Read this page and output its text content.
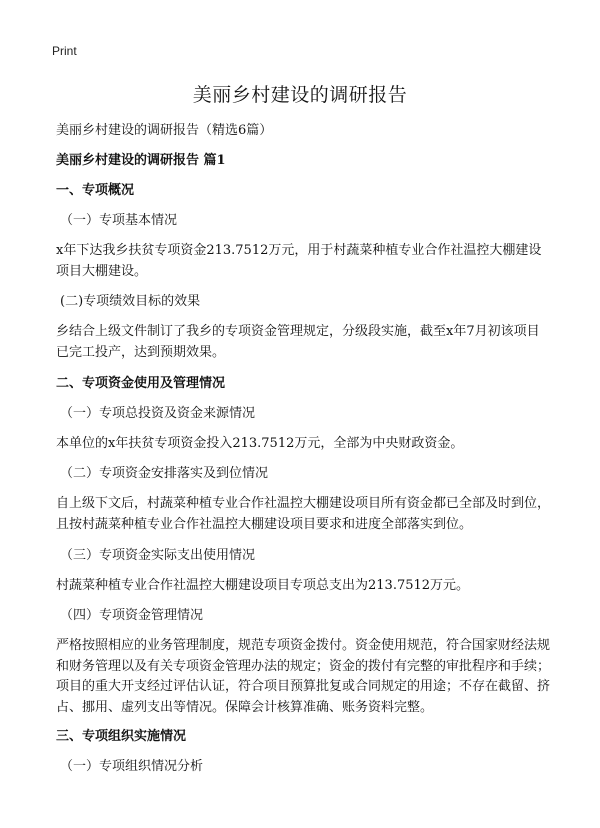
Print
美丽乡村建设的调研报告

美丽乡村建设的调研报告（精选6篇）

美丽乡村建设的调研报告 篇1

一、专项概况

（一）专项基本情况

x年下达我乡扶贫专项资金213.7512万元，用于村蔬菜种植专业合作社温控大棚建设项目大棚建设。

(二)专项绩效目标的效果

乡结合上级文件制订了我乡的专项资金管理规定，分级段实施，截至x年7月初该项目已完工投产，达到预期效果。

二、专项资金使用及管理情况

（一）专项总投资及资金来源情况

本单位的x年扶贫专项资金投入213.7512万元，全部为中央财政资金。

（二）专项资金安排落实及到位情况

自上级下文后，村蔬菜种植专业合作社温控大棚建设项目所有资金都已全部及时到位，且按村蔬菜种植专业合作社温控大棚建设项目要求和进度全部落实到位。

（三）专项资金实际支出使用情况

村蔬菜种植专业合作社温控大棚建设项目专项总支出为213.7512万元。

（四）专项资金管理情况

严格按照相应的业务管理制度，规范专项资金拨付。资金使用规范，符合国家财经法规和财务管理以及有关专项资金管理办法的规定；资金的拨付有完整的审批程序和手续；项目的重大开支经过评估认证，符合项目预算批复或合同规定的用途；不存在截留、挤占、挪用、虚列支出等情况。保障会计核算准确、账务资料完整。

三、专项组织实施情况

（一）专项组织情况分析
